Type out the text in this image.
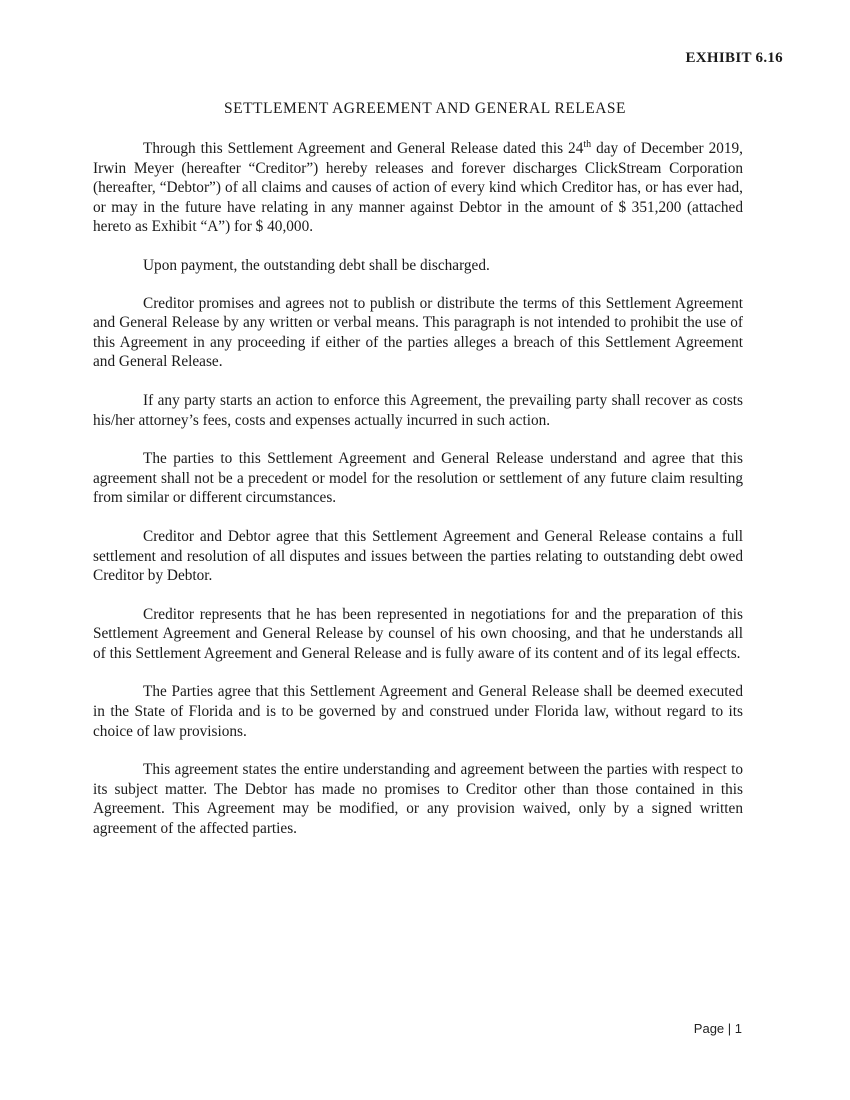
EXHIBIT 6.16
SETTLEMENT AGREEMENT AND GENERAL RELEASE

Through this Settlement Agreement and General Release dated this 24th day of December 2019, Irwin Meyer (hereafter “Creditor”) hereby releases and forever discharges ClickStream Corporation (hereafter, “Debtor”) of all claims and causes of action of every kind which Creditor has, or has ever had, or may in the future have relating in any manner against Debtor in the amount of $ 351,200 (attached hereto as Exhibit “A”) for $ 40,000.

Upon payment, the outstanding debt shall be discharged.

Creditor promises and agrees not to publish or distribute the terms of this Settlement Agreement and General Release by any written or verbal means. This paragraph is not intended to prohibit the use of this Agreement in any proceeding if either of the parties alleges a breach of this Settlement Agreement and General Release.

If any party starts an action to enforce this Agreement, the prevailing party shall recover as costs his/her attorney’s fees, costs and expenses actually incurred in such action.

The parties to this Settlement Agreement and General Release understand and agree that this agreement shall not be a precedent or model for the resolution or settlement of any future claim resulting from similar or different circumstances.

Creditor and Debtor agree that this Settlement Agreement and General Release contains a full settlement and resolution of all disputes and issues between the parties relating to outstanding debt owed Creditor by Debtor.

Creditor represents that he has been represented in negotiations for and the preparation of this Settlement Agreement and General Release by counsel of his own choosing, and that he understands all of this Settlement Agreement and General Release and is fully aware of its content and of its legal effects.

The Parties agree that this Settlement Agreement and General Release shall be deemed executed in the State of Florida and is to be governed by and construed under Florida law, without regard to its choice of law provisions.

This agreement states the entire understanding and agreement between the parties with respect to its subject matter. The Debtor has made no promises to Creditor other than those contained in this Agreement. This Agreement may be modified, or any provision waived, only by a signed written agreement of the affected parties.

Page | 1
